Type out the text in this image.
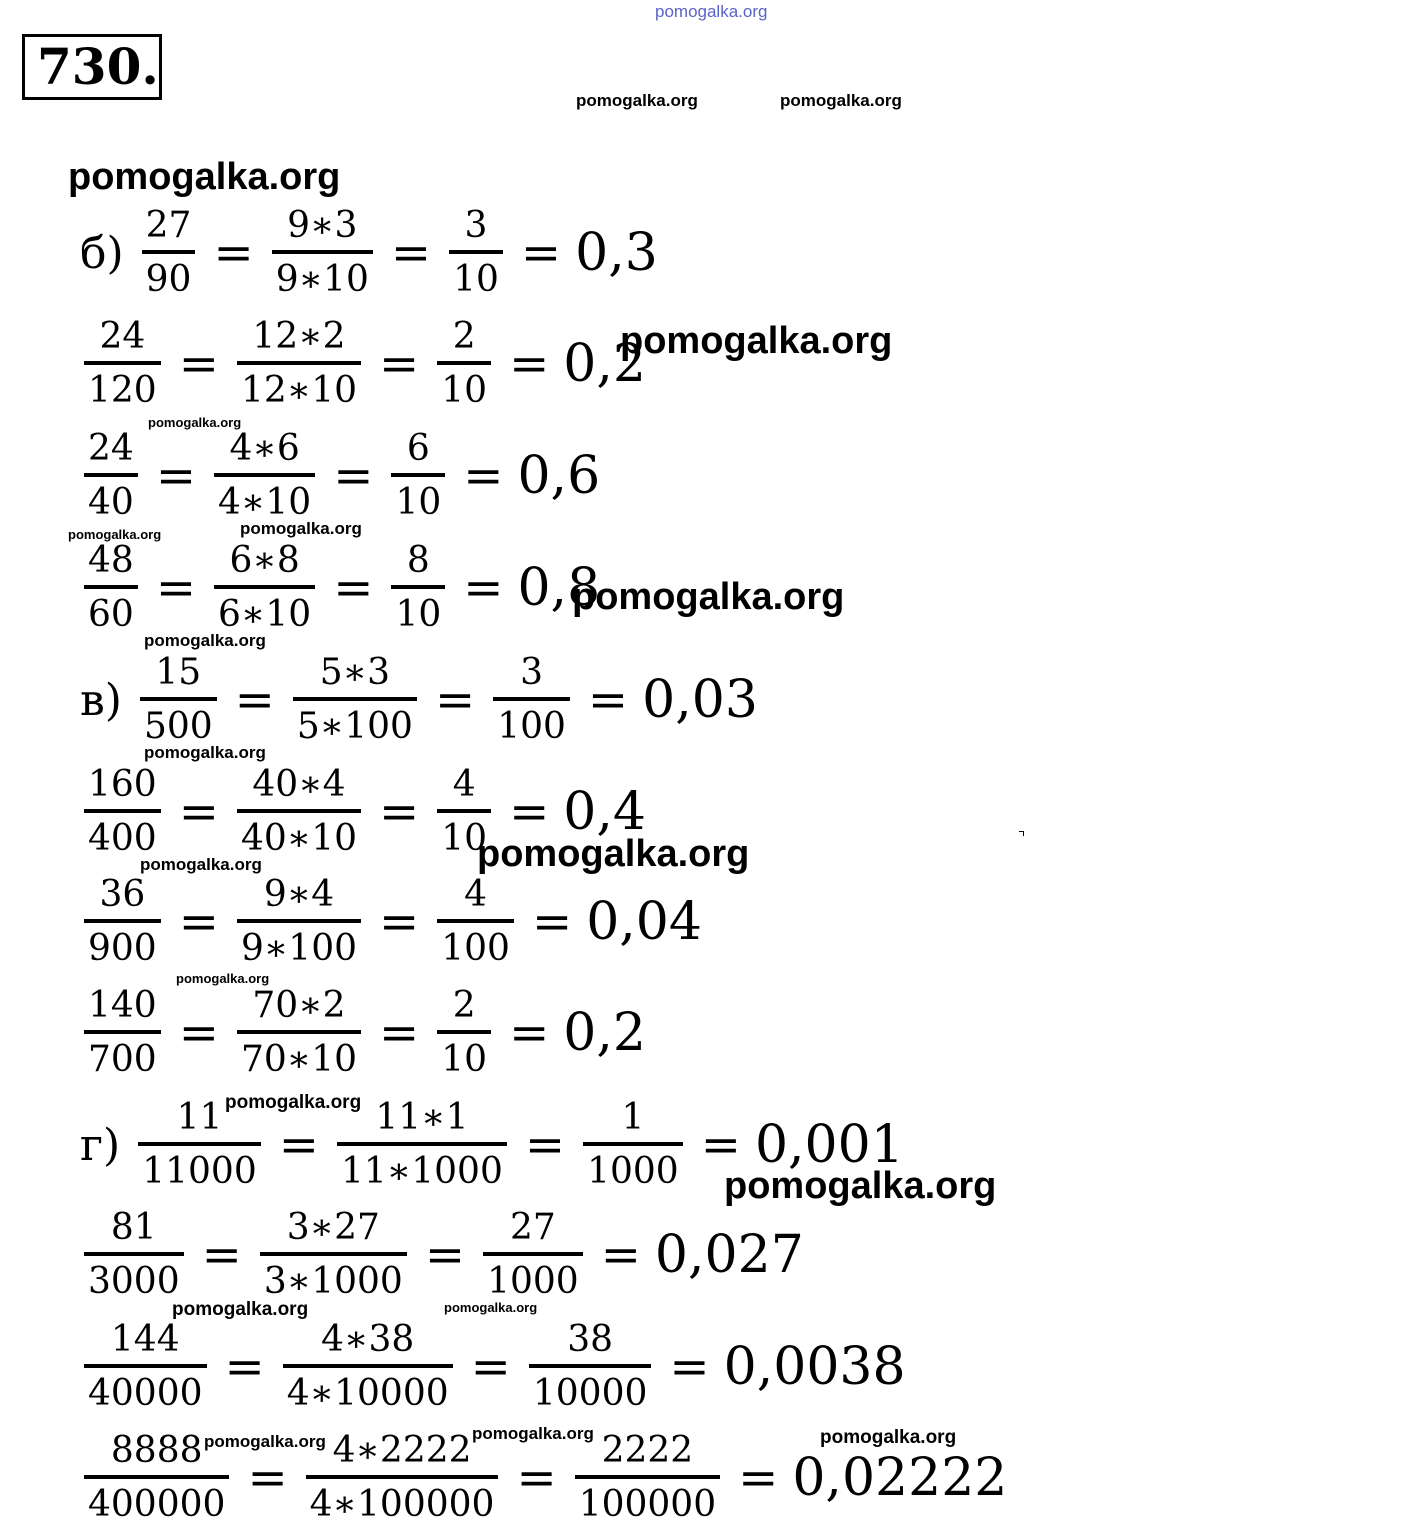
730.
$б) \frac{27}{90} = \frac{9∗3}{9∗10} = \frac{3}{10} = 0,3$
$\frac{24}{120} = \frac{12∗2}{12∗10} = \frac{2}{10} = 0,2$
$\frac{24}{40} = \frac{4∗6}{4∗10} = \frac{6}{10} = 0,6$
$\frac{48}{60} = \frac{6∗8}{6∗10} = \frac{8}{10} = 0,8$
$в) \frac{15}{500} = \frac{5∗3}{5∗100} = \frac{3}{100} = 0,03$
$\frac{160}{400} = \frac{40∗4}{40∗10} = \frac{4}{10} = 0,4$
$\frac{36}{900} = \frac{9∗4}{9∗100} = \frac{4}{100} = 0,04$
$\frac{140}{700} = \frac{70∗2}{70∗10} = \frac{2}{10} = 0,2$
$г) \frac{11}{11000} = \frac{11∗1}{11∗1000} = \frac{1}{1000} = 0,001$
$\frac{81}{3000} = \frac{3∗27}{3∗1000} = \frac{27}{1000} = 0,027$
$\frac{144}{40000} = \frac{4∗38}{4∗10000} = \frac{38}{10000} = 0,0038$
$\frac{8888}{400000} = \frac{4∗2222}{4∗100000} = \frac{2222}{100000} = 0,02222$
pomogalka.org
pomogalka.org	pomogalka.org
pomogalka.org
pomogalka.org
pomogalka.org
pomogalka.org	pomogalka.org
pomogalka.org
pomogalka.org
pomogalka.org
pomogalka.org
pomogalka.org
pomogalka.org
pomogalka.org
pomogalka.org
pomogalka.org	pomogalka.org
pomogalka.org	pomogalka.org	pomogalka.org
